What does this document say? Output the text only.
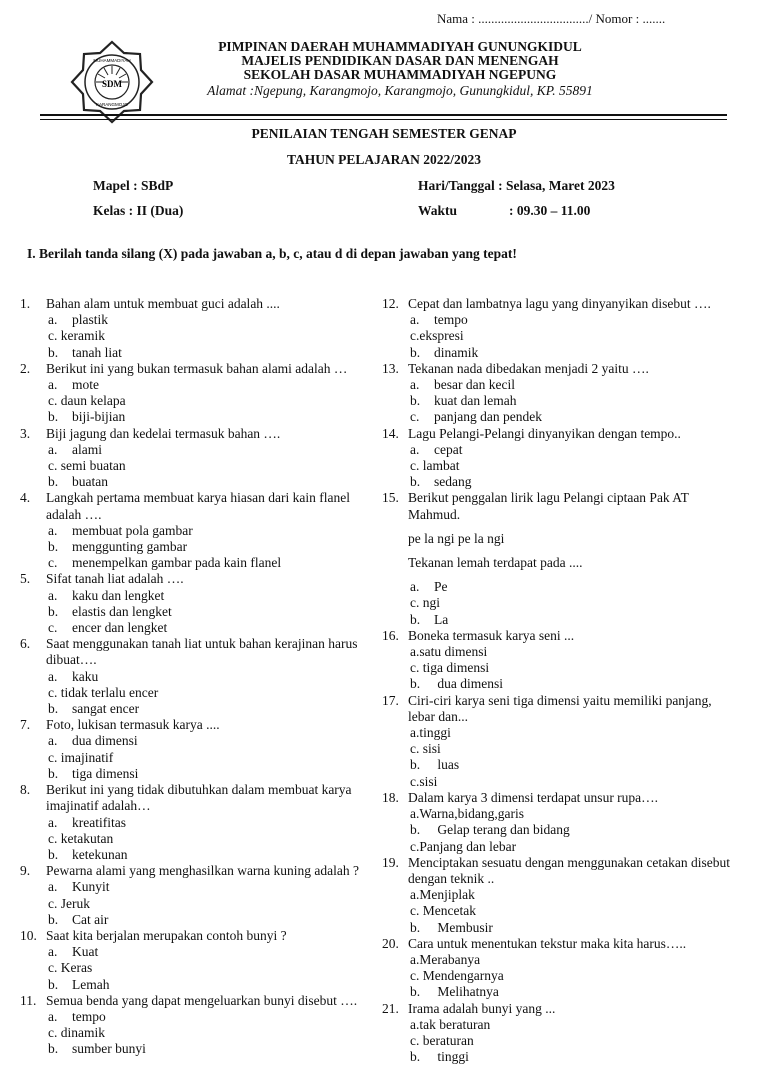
Nama : ................................../ Nomor : .......
SDM
MUHAMMADIYAH
KARANGMOJO
PIMPINAN DAERAH MUHAMMADIYAH GUNUNGKIDUL
MAJELIS PENDIDIKAN DASAR DAN MENENGAH
SEKOLAH DASAR MUHAMMADIYAH NGEPUNG
Alamat :Ngepung, Karangmojo, Karangmojo, Gunungkidul, KP. 55891
PENILAIAN TENGAH SEMESTER GENAP
TAHUN PELAJARAN 2022/2023
Mapel : SBdP
Kelas : II (Dua)
Hari/Tanggal : Selasa, Maret 2023
Waktu	: 09.30 – 11.00
I. Berilah tanda silang (X) pada jawaban a, b, c, atau d di depan jawaban yang tepat!
1.	Bahan alam untuk membuat guci adalah ....
a. plastik
c. keramik
b. tanah liat
2.	Berikut ini yang bukan termasuk bahan alami adalah …
a. mote
c. daun kelapa
b. biji-bijian
3.	Biji jagung dan kedelai termasuk bahan ….
a. alami
c. semi buatan
b. buatan
4.	Langkah pertama membuat karya hiasan dari kain flanel adalah ….
a. membuat pola gambar
b. menggunting gambar
c. menempelkan gambar pada kain flanel
5.	Sifat tanah liat adalah ….
a. kaku dan lengket
b. elastis dan lengket
c. encer dan lengket
6.	Saat menggunakan tanah liat untuk bahan kerajinan harus dibuat….
a. kaku
c. tidak terlalu encer
b. sangat encer
7.	Foto, lukisan termasuk karya ....
a. dua dimensi
c. imajinatif
b. tiga dimensi
8.	Berikut ini yang tidak dibutuhkan dalam membuat karya imajinatif adalah…
a. kreatifitas
c. ketakutan
b. ketekunan
9.	Pewarna alami yang menghasilkan warna kuning adalah ?
a. Kunyit
c. Jeruk
b. Cat air
10. Saat kita berjalan merupakan contoh bunyi ?
a. Kuat
c. Keras
b. Lemah
11. Semua benda yang dapat mengeluarkan bunyi disebut ….
a. tempo
c. dinamik
b. sumber bunyi
12. Cepat dan lambatnya lagu yang dinyanyikan disebut ….
a. tempo
c.ekspresi
b. dinamik
13. Tekanan nada dibedakan menjadi 2 yaitu ….
a. besar dan kecil
b. kuat dan lemah
c. panjang dan pendek
14. Lagu Pelangi-Pelangi dinyanyikan dengan tempo..
a. cepat
c. lambat
b. sedang
15. Berikut penggalan lirik lagu Pelangi ciptaan Pak AT Mahmud.
pe la ngi pe la ngi
Tekanan lemah terdapat pada ....
a. Pe
c. ngi
b. La
16. Boneka termasuk karya seni ...
a.satu dimensi
c. tiga dimensi
b. dua dimensi
17. Ciri-ciri karya seni tiga dimensi yaitu memiliki panjang, lebar dan...
a.tinggi
c. sisi
b. luas
c.sisi
18. Dalam karya 3 dimensi terdapat unsur rupa….
a.Warna,bidang,garis
b. Gelap terang dan bidang
c.Panjang dan lebar
19. Menciptakan sesuatu dengan menggunakan cetakan disebut dengan teknik ..
a.Menjiplak
c. Mencetak
b. Membusir
20. Cara untuk menentukan tekstur maka kita harus…..
a.Merabanya
c. Mendengarnya
b. Melihatnya
21. Irama adalah bunyi yang ...
a.tak beraturan
c. beraturan
b. tinggi
